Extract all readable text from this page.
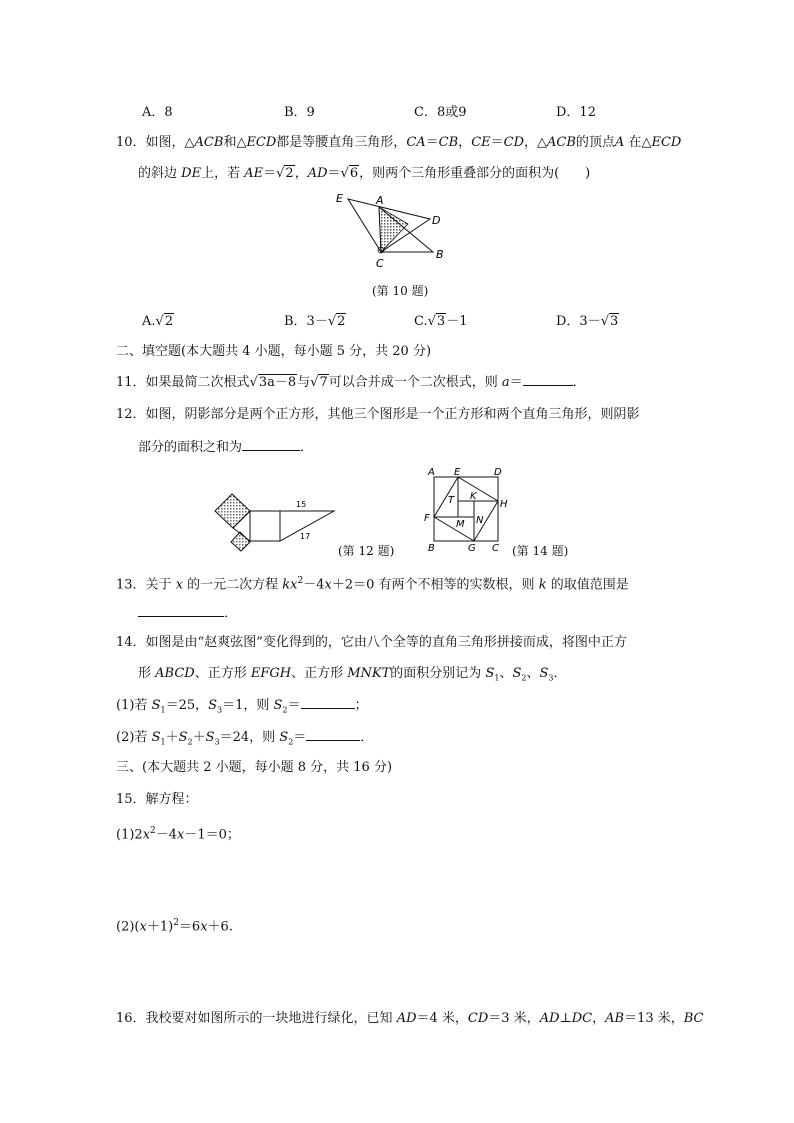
A．8	B．9	C．8或9	D．12
10．如图，△ACB和△ECD都是等腰直角三角形，CA＝CB，CE＝CD，△ACB的顶点A 在△ECD
的斜边 DE上，若 AE＝√2，AD＝√6，则两个三角形重叠部分的面积为(　　)
E	A
D
C
B
(第 10 题)
A.√2	B．3－√2	C.√3－1	D．3－√3
二、填空题(本大题共 4 小题，每小题 5 分，共 20 分)
11．如果最简二次根式√3a－8与√7可以合并成一个二次根式，则 a＝	．
12．如图，阴影部分是两个正方形，其他三个图形是一个正方形和两个直角三角形，则阴影
部分的面积之和为	．
15
17
(第 12 题)
A E	D
T K
H
F
M N
B	G C (第 14 题)
13．关于 x 的一元二次方程 $kx^2-4x+2=0$ 有两个不相等的实数根，则 k 的取值范围是
．
14．如图是由“赵爽弦图”变化得到的，它由八个全等的直角三角形拼接而成，将图中正方
形 ABCD、正方形 EFGH、正方形 MNKT的面积分别记为 $S_1$、$S_2$、$S_3$．
(1)若 $S_1=25$，$S_3=1$，则 $S_2=$	；
(2)若 $S_1+S_2+S_3=24$，则 $S_2=$	．
三、(本大题共 2 小题，每小题 8 分，共 16 分)
15．解方程：
$(1)2x^2-4x-1=0$；
$(2)(x+1)^2=6x+6$.
16．我校要对如图所示的一块地进行绿化，已知 AD＝4 米，CD＝3 米，AD⊥DC，AB＝13 米，BC
